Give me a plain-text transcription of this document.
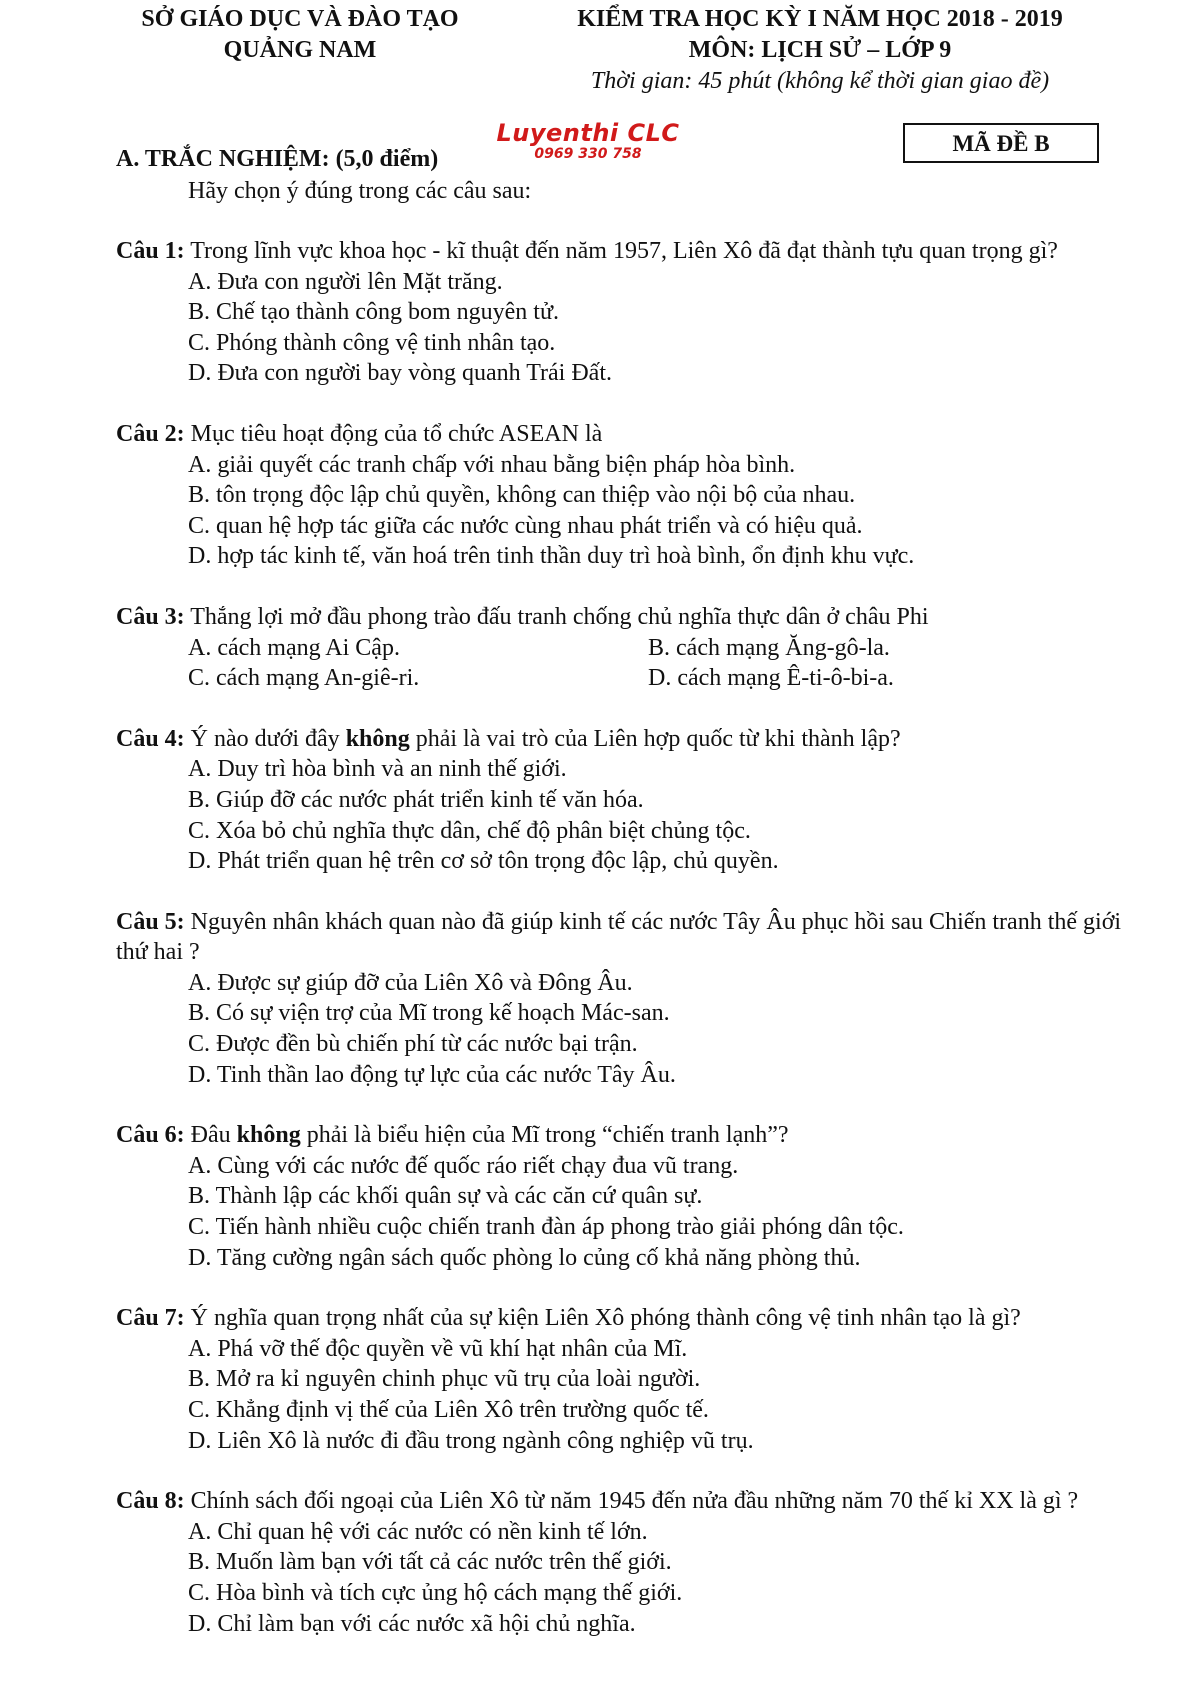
SỞ GIÁO DỤC VÀ ĐÀO TẠO
QUẢNG NAM
KIỂM TRA HỌC KỲ I NĂM HỌC 2018 - 2019
MÔN: LỊCH SỬ – LỚP 9
Thời gian: 45 phút (không kể thời gian giao đề)
Luyenthi CLC
0969 330 758	MÃ ĐỀ B
A. TRẮC NGHIỆM: (5,0 điểm)
Hãy chọn ý đúng trong các câu sau:
Câu 1: Trong lĩnh vực khoa học - kĩ thuật đến năm 1957, Liên Xô đã đạt thành tựu quan trọng gì?
A. Đưa con người lên Mặt trăng.
B. Chế tạo thành công bom nguyên tử.
C. Phóng thành công vệ tinh nhân tạo.
D. Đưa con người bay vòng quanh Trái Đất.
Câu 2: Mục tiêu hoạt động của tổ chức ASEAN là
A. giải quyết các tranh chấp với nhau bằng biện pháp hòa bình.
B. tôn trọng độc lập chủ quyền, không can thiệp vào nội bộ của nhau.
C. quan hệ hợp tác giữa các nước cùng nhau phát triển và có hiệu quả.
D. hợp tác kinh tế, văn hoá trên tinh thần duy trì hoà bình, ổn định khu vực.
Câu 3: Thắng lợi mở đầu phong trào đấu tranh chống chủ nghĩa thực dân ở châu Phi
A. cách mạng Ai Cập.	B. cách mạng Ăng-gô-la.
C. cách mạng An-giê-ri.	D. cách mạng Ê-ti-ô-bi-a.
Câu 4: Ý nào dưới đây không phải là vai trò của Liên hợp quốc từ khi thành lập?
A. Duy trì hòa bình và an ninh thế giới.
B. Giúp đỡ các nước phát triển kinh tế văn hóa.
C. Xóa bỏ chủ nghĩa thực dân, chế độ phân biệt chủng tộc.
D. Phát triển quan hệ trên cơ sở tôn trọng độc lập, chủ quyền.
Câu 5: Nguyên nhân khách quan nào đã giúp kinh tế các nước Tây Âu phục hồi sau Chiến tranh thế giới thứ hai ?
A. Được sự giúp đỡ của Liên Xô và Đông Âu.
B. Có sự viện trợ của Mĩ trong kế hoạch Mác-san.
C. Được đền bù chiến phí từ các nước bại trận.
D. Tinh thần lao động tự lực của các nước Tây Âu.
Câu 6: Đâu không phải là biểu hiện của Mĩ trong “chiến tranh lạnh”?
A. Cùng với các nước đế quốc ráo riết chạy đua vũ trang.
B. Thành lập các khối quân sự và các căn cứ quân sự.
C. Tiến hành nhiều cuộc chiến tranh đàn áp phong trào giải phóng dân tộc.
D. Tăng cường ngân sách quốc phòng lo củng cố khả năng phòng thủ.
Câu 7: Ý nghĩa quan trọng nhất của sự kiện Liên Xô phóng thành công vệ tinh nhân tạo là gì?
A. Phá vỡ thế độc quyền về vũ khí hạt nhân của Mĩ.
B. Mở ra kỉ nguyên chinh phục vũ trụ của loài người.
C. Khẳng định vị thế của Liên Xô trên trường quốc tế.
D. Liên Xô là nước đi đầu trong ngành công nghiệp vũ trụ.
Câu 8: Chính sách đối ngoại của Liên Xô từ năm 1945 đến nửa đầu những năm 70 thế kỉ XX là gì ?
A. Chỉ quan hệ với các nước có nền kinh tế lớn.
B. Muốn làm bạn với tất cả các nước trên thế giới.
C. Hòa bình và tích cực ủng hộ cách mạng thế giới.
D. Chỉ làm bạn với các nước xã hội chủ nghĩa.
